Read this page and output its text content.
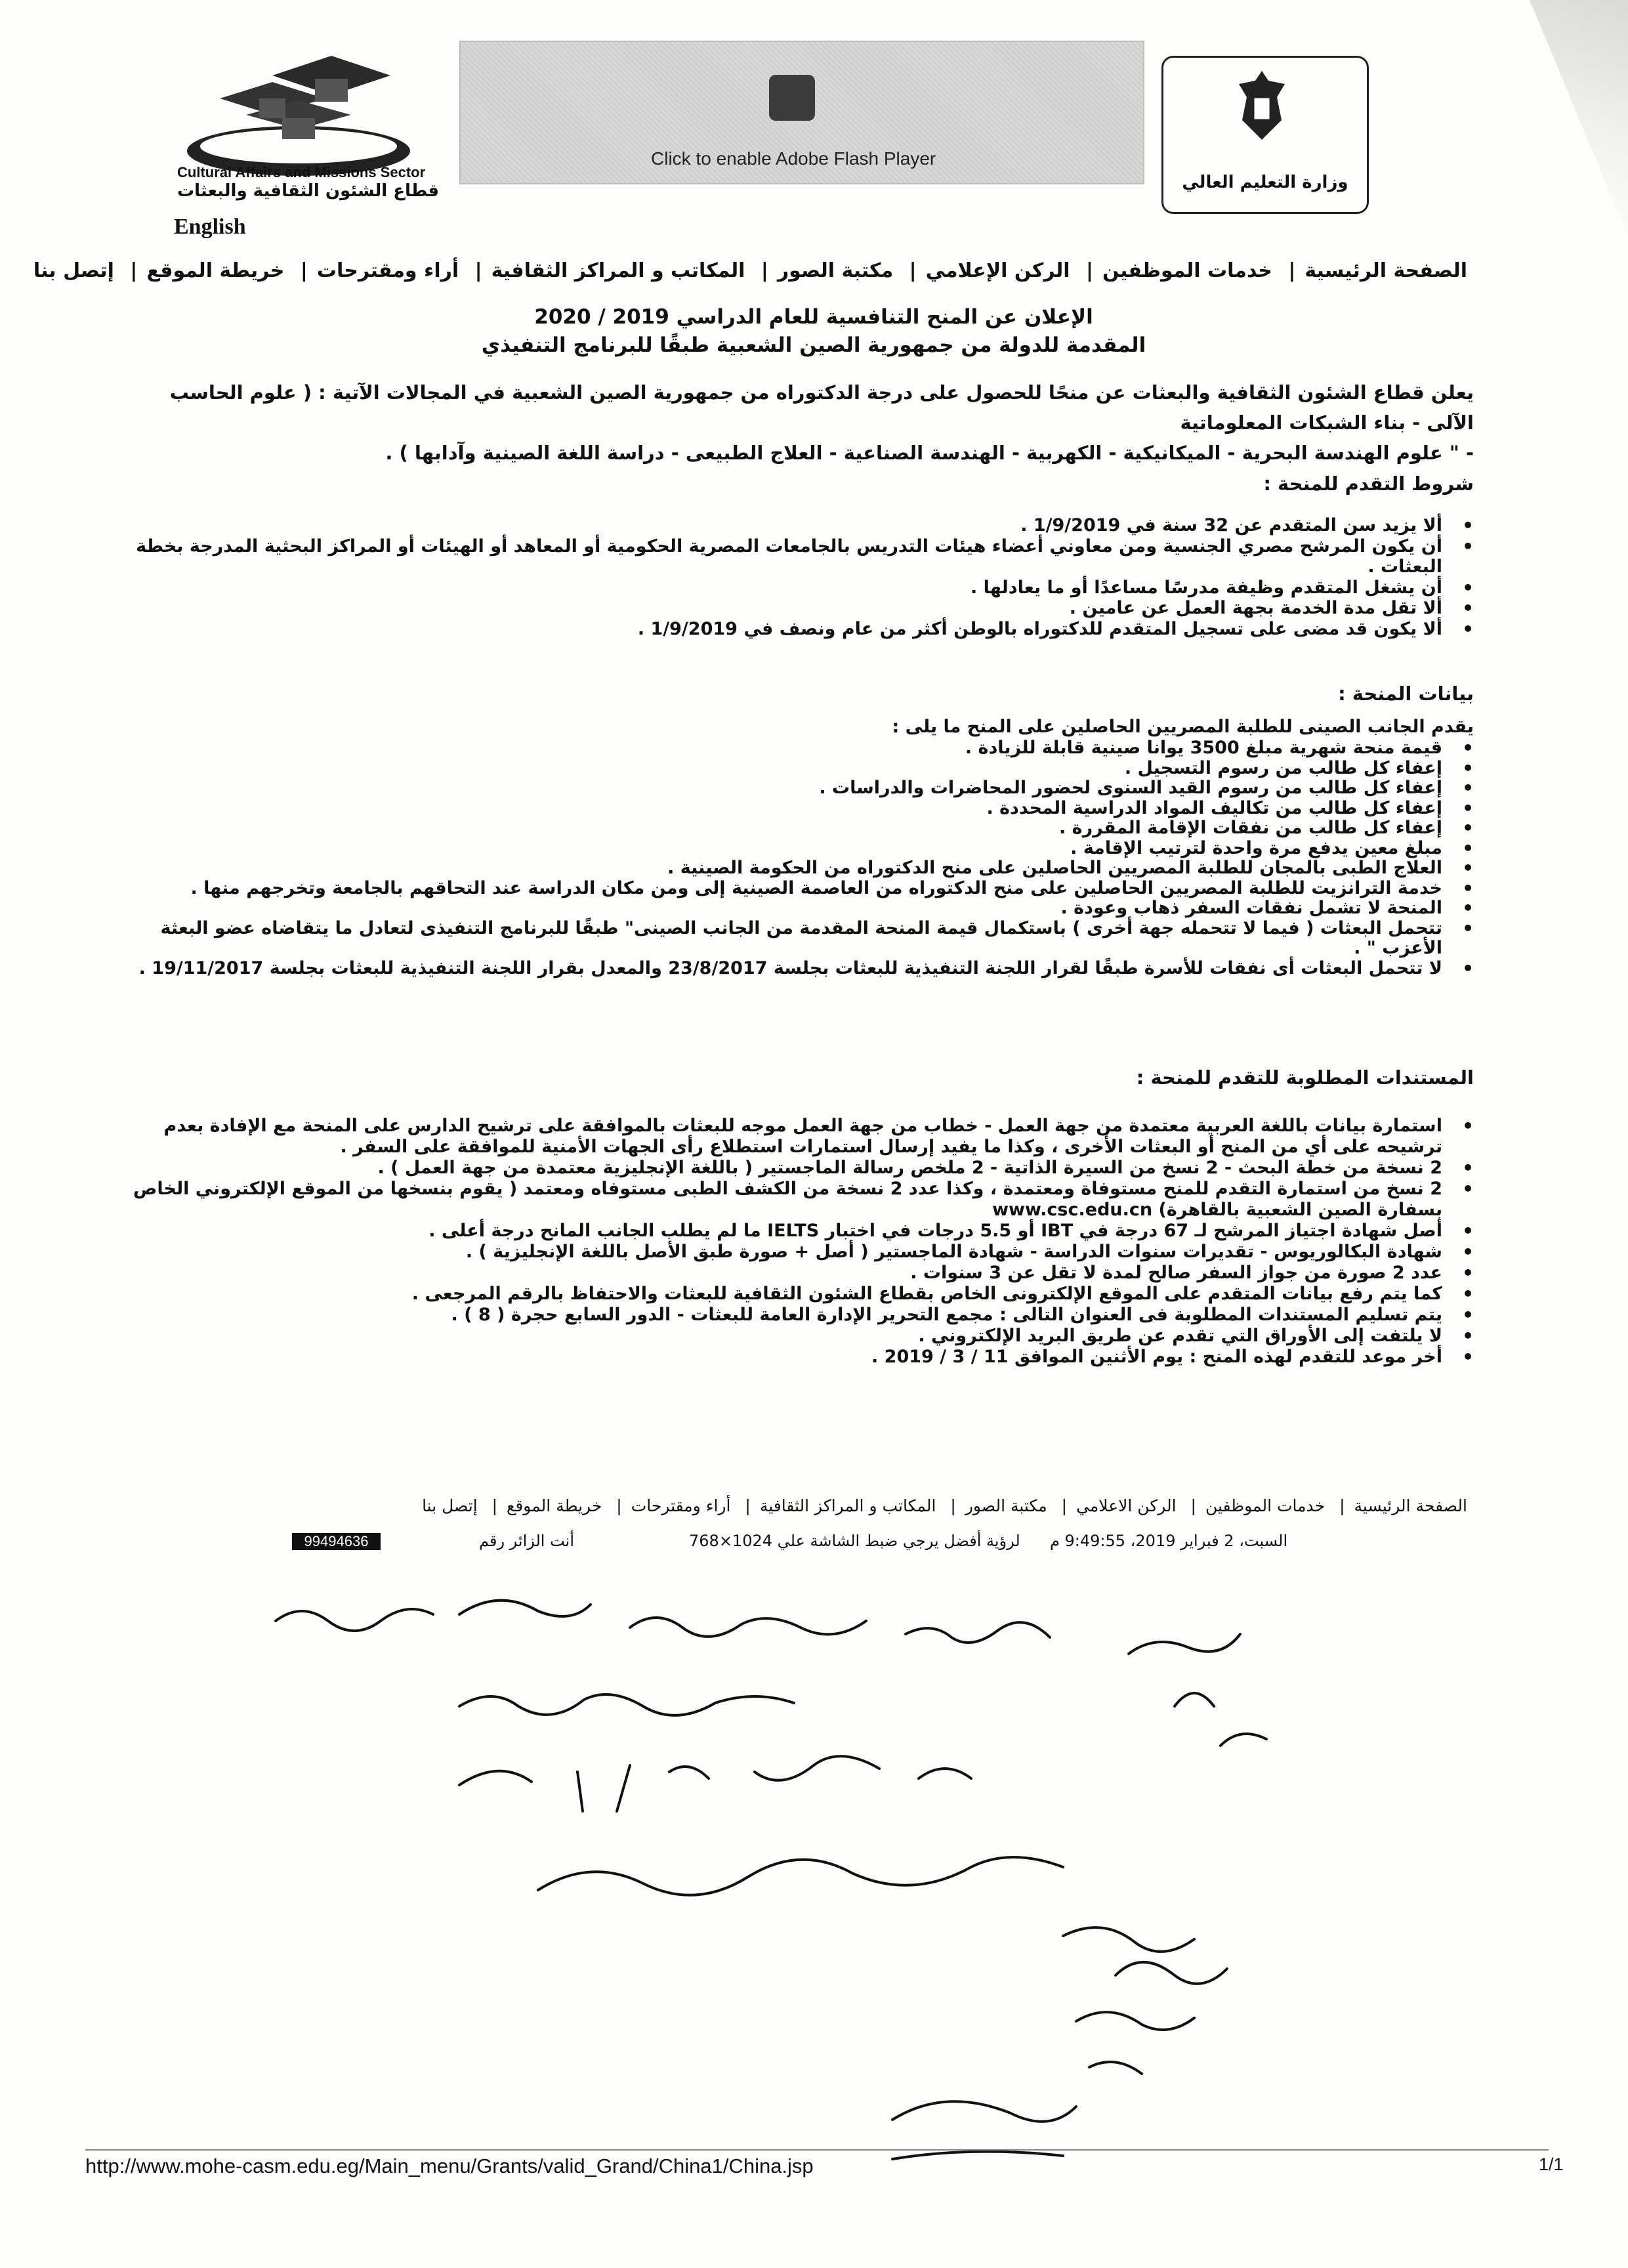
Cultural Affairs and Missions Sector
قطاع الشئون الثقافية والبعثات
Click to enable Adobe Flash Player
وزارة التعليم العالي
English
الصفحة الرئيسية| خدمات الموظفين| الركن الإعلامي| مكتبة الصور| المكاتب و المراكز الثقافية| أراء ومقترحات| خريطة الموقع| إتصل بنا
الإعلان عن المنح التنافسية للعام الدراسي 2019 / 2020
المقدمة للدولة من جمهورية الصين الشعبية طبقًا للبرنامج التنفيذي
يعلن قطاع الشئون الثقافية والبعثات عن منحًا للحصول على درجة الدكتوراه من جمهورية الصين الشعبية في المجالات الآتية : ( علوم الحاسب الآلى - بناء الشبكات المعلوماتية
- " علوم الهندسة البحرية - الميكانيكية - الكهربية - الهندسة الصناعية - العلاج الطبيعى - دراسة اللغة الصينية وآدابها ) .
شروط التقدم للمنحة :
• ألا يزيد سن المتقدم عن 32 سنة في 1/9/2019 .
• أن يكون المرشح مصري الجنسية ومن معاوني أعضاء هيئات التدريس بالجامعات المصرية الحكومية أو المعاهد أو الهيئات أو المراكز البحثية المدرجة بخطة البعثات .
• أن يشغل المتقدم وظيفة مدرسًا مساعدًا أو ما يعادلها .
• ألا تقل مدة الخدمة بجهة العمل عن عامين .
• ألا يكون قد مضى على تسجيل المتقدم للدكتوراه بالوطن أكثر من عام ونصف في 1/9/2019 .
بيانات المنحة :
يقدم الجانب الصينى للطلبة المصريين الحاصلين على المنح ما يلى :
• قيمة منحة شهرية مبلغ 3500 يوانا صينية قابلة للزيادة .
• إعفاء كل طالب من رسوم التسجيل .
• إعفاء كل طالب من رسوم القيد السنوى لحضور المحاضرات والدراسات .
• إعفاء كل طالب من تكاليف المواد الدراسية المحددة .
• إعفاء كل طالب من نفقات الإقامة المقررة .
• مبلغ معين يدفع مرة واحدة لترتيب الإقامة .
• العلاج الطبى بالمجان للطلبة المصريين الحاصلين على منح الدكتوراه من الحكومة الصينية .
• خدمة الترانزيت للطلبة المصريين الحاصلين على منح الدكتوراه من العاصمة الصينية إلى ومن مكان الدراسة عند التحاقهم بالجامعة وتخرجهم منها .
• المنحة لا تشمل نفقات السفر ذهاب وعودة .
• تتحمل البعثات ( فيما لا تتحمله جهة أخرى ) باستكمال قيمة المنحة المقدمة من الجانب الصينى" طبقًا للبرنامج التنفيذى لتعادل ما يتقاضاه عضو البعثة الأعزب " .
• لا تتحمل البعثات أى نفقات للأسرة طبقًا لقرار اللجنة التنفيذية للبعثات بجلسة 23/8/2017 والمعدل بقرار اللجنة التنفيذية للبعثات بجلسة 19/11/2017 .
المستندات المطلوبة للتقدم للمنحة :
• استمارة بيانات باللغة العربية معتمدة من جهة العمل - خطاب من جهة العمل موجه للبعثات بالموافقة على ترشيح الدارس على المنحة مع الإفادة بعدم ترشيحه على أي من المنح أو البعثات الأخرى ، وكذا ما يفيد إرسال استمارات استطلاع رأى الجهات الأمنية للموافقة على السفر .
• 2 نسخة من خطة البحث - 2 نسخ من السيرة الذاتية - 2 ملخص رسالة الماجستير ( باللغة الإنجليزية معتمدة من جهة العمل ) .
• 2 نسخ من استمارة التقدم للمنح مستوفاة ومعتمدة ، وكذا عدد 2 نسخة من الكشف الطبى مستوفاه ومعتمد ( يقوم بنسخها من الموقع الإلكتروني الخاص بسفارة الصين الشعبية بالقاهرة) www.csc.edu.cn
• أصل شهادة اجتياز المرشح لـ 67 درجة في IBT أو 5.5 درجات في اختبار IELTS ما لم يطلب الجانب المانح درجة أعلى .
• شهادة البكالوريوس - تقديرات سنوات الدراسة - شهادة الماجستير ( أصل + صورة طبق الأصل باللغة الإنجليزية ) .
• عدد 2 صورة من جواز السفر صالح لمدة لا تقل عن 3 سنوات .
• كما يتم رفع بيانات المتقدم على الموقع الإلكترونى الخاص بقطاع الشئون الثقافية للبعثات والاحتفاظ بالرقم المرجعى .
• يتم تسليم المستندات المطلوبة فى العنوان التالى : مجمع التحرير الإدارة العامة للبعثات - الدور السابع حجرة ( 8 ) .
• لا يلتفت إلى الأوراق التي تقدم عن طريق البريد الإلكتروني .
• أخر موعد للتقدم لهذه المنح : يوم الأثنين الموافق 11 / 3 / 2019 .
الصفحة الرئيسية| خدمات الموظفين| الركن الاعلامي| مكتبة الصور| المكاتب و المراكز الثقافية| أراء ومقترحات| خريطة الموقع| إتصل بنا
99494636	أنت الزائر رقم	لرؤية أفضل يرجي ضبط الشاشة علي 1024×768 السبت، 2 فبراير 2019، 9:49:55 م
http://www.mohe-casm.edu.eg/Main_menu/Grants/valid_Grand/China1/China.jsp	1/1
